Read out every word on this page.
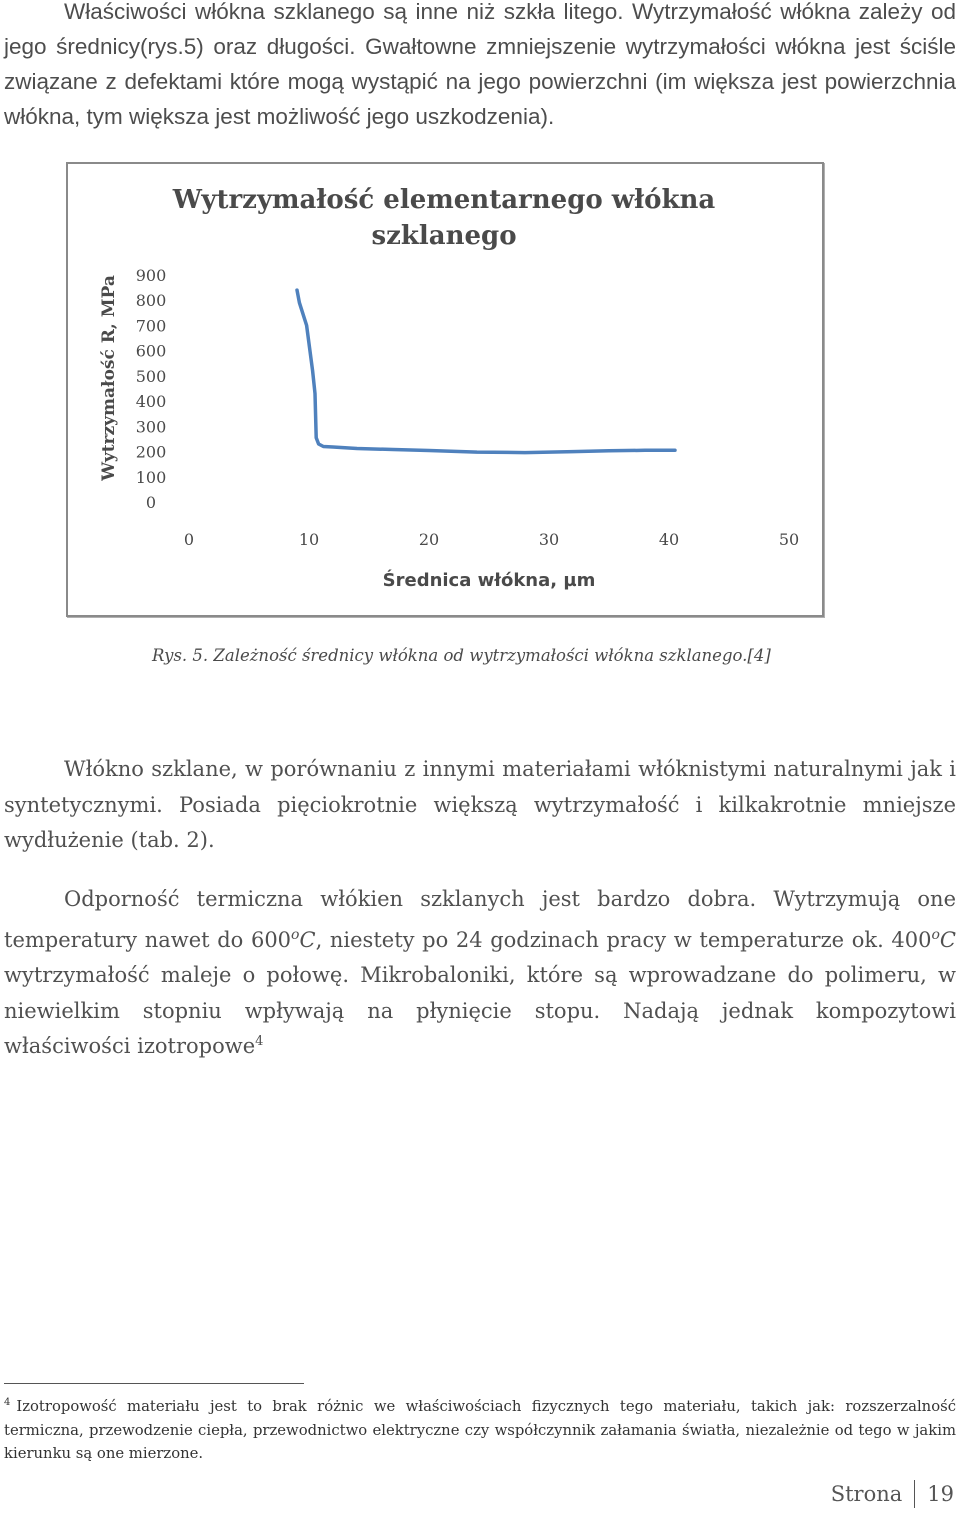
Właściwości włókna szklanego są inne niż szkła litego. Wytrzymałość włókna zależy od jego średnicy(rys.5) oraz długości. Gwałtowne zmniejszenie wytrzymałości włókna jest ściśle związane z defektami które mogą wystąpić na jego powierzchni (im większa jest powierzchnia włókna, tym większa jest możliwość jego uszkodzenia).
Wytrzymałość elementarnego włókna
szklanego
Wytrzymałość R, MPa
Średnica włókna, µm
900
800
700
600
500
400
300
200
100
0
0	10	20	30	40	50
Rys. 5. Zależność średnicy włókna od wytrzymałości włókna szklanego.[4]
Włókno szklane, w porównaniu z innymi materiałami włóknistymi naturalnymi jak i syntetycznymi. Posiada pięciokrotnie większą wytrzymałość i kilkakrotnie mniejsze wydłużenie (tab. 2).
Odporność termiczna włókien szklanych jest bardzo dobra. Wytrzymują one temperatury nawet do 600$^o$C, niestety po 24 godzinach pracy w temperaturze ok. 400$^o$C wytrzymałość maleje o połowę. Mikrobaloniki, które są wprowadzane do polimeru, w niewielkim stopniu wpływają na płynięcie stopu. Nadają jednak kompozytowi właściwości izotropowe$^4$
$^4$ Izotropowość materiału jest to brak różnic we właściwościach fizycznych tego materiału, takich jak: rozszerzalność termiczna, przewodzenie ciepła, przewodnictwo elektryczne czy współczynnik załamania światła, niezależnie od tego w jakim kierunku są one mierzone.
Strona 19
